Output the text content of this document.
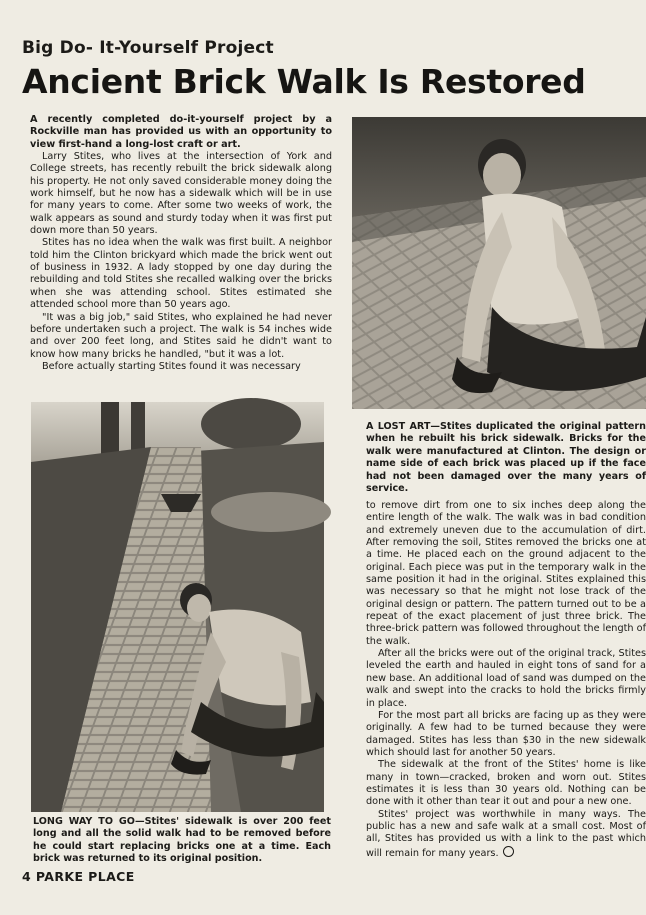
Big Do- It-Yourself Project
Ancient Brick Walk Is Restored

A recently completed do-it-yourself project by a Rockville man has provided us with an opportunity to view first-hand a long-lost craft or art.

Larry Stites, who lives at the intersection of York and College streets, has recently rebuilt the brick sidewalk along his property. He not only saved considerable money doing the work himself, but he now has a sidewalk which will be in use for many years to come. After some two weeks of work, the walk appears as sound and sturdy today when it was first put down more than 50 years.

Stites has no idea when the walk was first built. A neighbor told him the Clinton brickyard which made the brick went out of business in 1932. A lady stopped by one day during the rebuilding and told Stites she recalled walking over the bricks when she was attending school. Stites estimated she attended school more than 50 years ago.

"It was a big job," said Stites, who explained he had never before undertaken such a project. The walk is 54 inches wide and over 200 feet long, and Stites said he didn't want to know how many bricks he handled, "but it was a lot.

Before actually starting Stites found it was necessary

A LOST ART—Stites duplicated the original pattern when he rebuilt his brick sidewalk. Bricks for the walk were manufactured at Clinton. The design or name side of each brick was placed up if the face had not been damaged over the many years of service.
LONG WAY TO GO—Stites' sidewalk is over 200 feet long and all the solid walk had to be removed before he could start replacing bricks one at a time. Each brick was returned to its original position.

to remove dirt from one to six inches deep along the entire length of the walk. The walk was in bad condition and extremely uneven due to the accumulation of dirt. After removing the soil, Stites removed the bricks one at a time. He placed each on the ground adjacent to the original. Each piece was put in the temporary walk in the same position it had in the original. Stites explained this was necessary so that he might not lose track of the original design or pattern. The pattern turned out to be a repeat of the exact placement of just three brick. The three-brick pattern was followed throughout the length of the walk.

After all the bricks were out of the original track, Stites leveled the earth and hauled in eight tons of sand for a new base. An additional load of sand was dumped on the walk and swept into the cracks to hold the bricks firmly in place.

For the most part all bricks are facing up as they were originally. A few had to be turned because they were damaged. Stites has less than $30 in the new sidewalk which should last for another 50 years.

The sidewalk at the front of the Stites' home is like many in town—cracked, broken and worn out. Stites estimates it is less than 30 years old. Nothing can be done with it other than tear it out and pour a new one.

Stites' project was worthwhile in many ways. The public has a new and safe walk at a small cost. Most of all, Stites has provided us with a link to the past which will remain for many years.

4 PARKE PLACE
